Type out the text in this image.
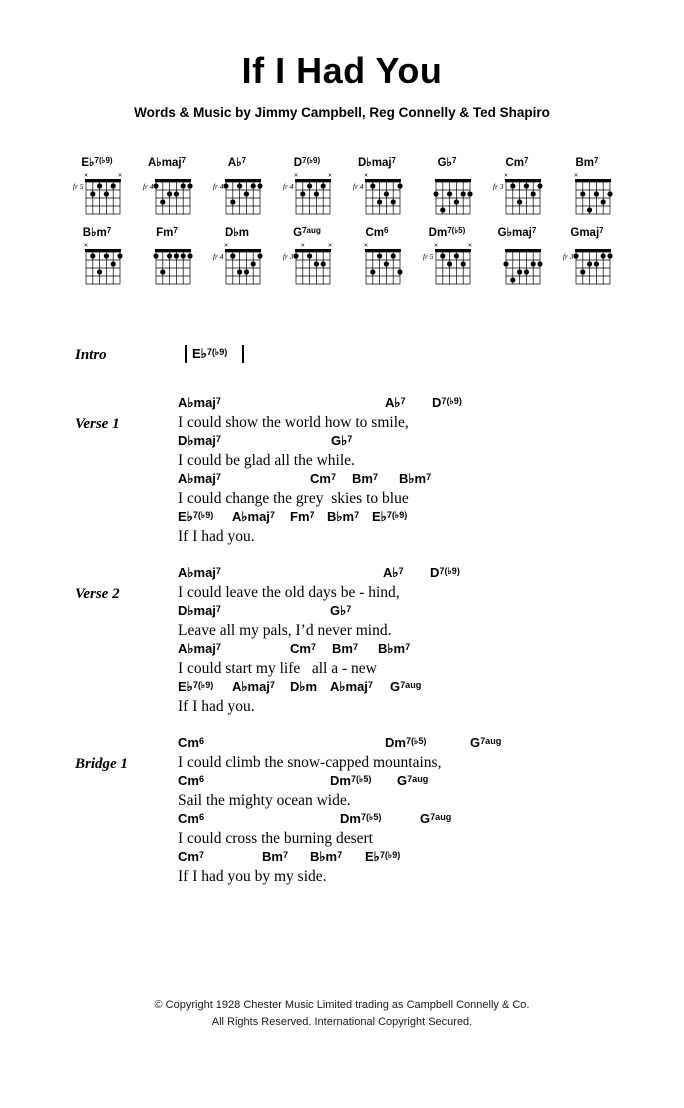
If I Had You
Words & Music by Jimmy Campbell, Reg Connelly & Ted Shapiro
E♭$^{7(♭9)}$
×	×
fr 5
A♭maj$^7$
fr 4
A♭$^7$
fr 4
$D^{7(♭9)}$
×	×
fr 4
D♭maj$^7$
×
fr 4
G♭$^7$	$Cm^7$
×
fr 3
$Bm^7$
×
$B♭m^7$
×
$Fm^7$	D♭m
×
fr 4
$G^{7aug}$
×	×
fr 3
$Cm^6$
×
$Dm^{7(♭5)}$
×	×
fr 5
G♭maj$^7$	Gmaj$^7$
fr 3
Intro	E♭$^{7(♭9)}$
Verse 1
A♭maj$^7$	A♭$^7$ $D^{7(♭9)}$
I could show the world how to smile,
D♭maj$^7$	G♭$^7$
I could be glad all the while.
A♭maj$^7$	Cm$^7$ Bm$^7$ $B♭m^7$
I could change the grey  skies to blue
E♭$^{7(♭9)}$ A♭maj$^7$ Fm$^7$ $B♭m^7$ E♭$^{7(♭9)}$
If I had you.
Verse 2
A♭maj$^7$	A♭$^7$ $D^{7(♭9)}$
I could leave the old days be - hind,
D♭maj$^7$	G♭$^7$
Leave all my pals, I’d never mind.
A♭maj$^7$	Cm$^7$ Bm$^7$ $B♭m^7$
I could start my life   all a - new
E♭$^{7(♭9)}$ A♭maj$^7$ D♭m A♭maj$^7$ $G^{7aug}$
If I had you.
Bridge 1
Cm$^6$	$Dm^{7(♭5)}$	$G^{7aug}$
I could climb the snow-capped mountains,
Cm$^6$	$Dm^{7(♭5)}$ $G^{7aug}$
Sail the mighty ocean wide.
Cm$^6$	$Dm^{7(♭5)}$	$G^{7aug}$
I could cross the burning desert
Cm$^7$	Bm$^7$ $B♭m^7$ E♭$^{7(♭9)}$
If I had you by my side.
© Copyright 1928 Chester Music Limited trading as Campbell Connelly & Co.
All Rights Reserved. International Copyright Secured.
